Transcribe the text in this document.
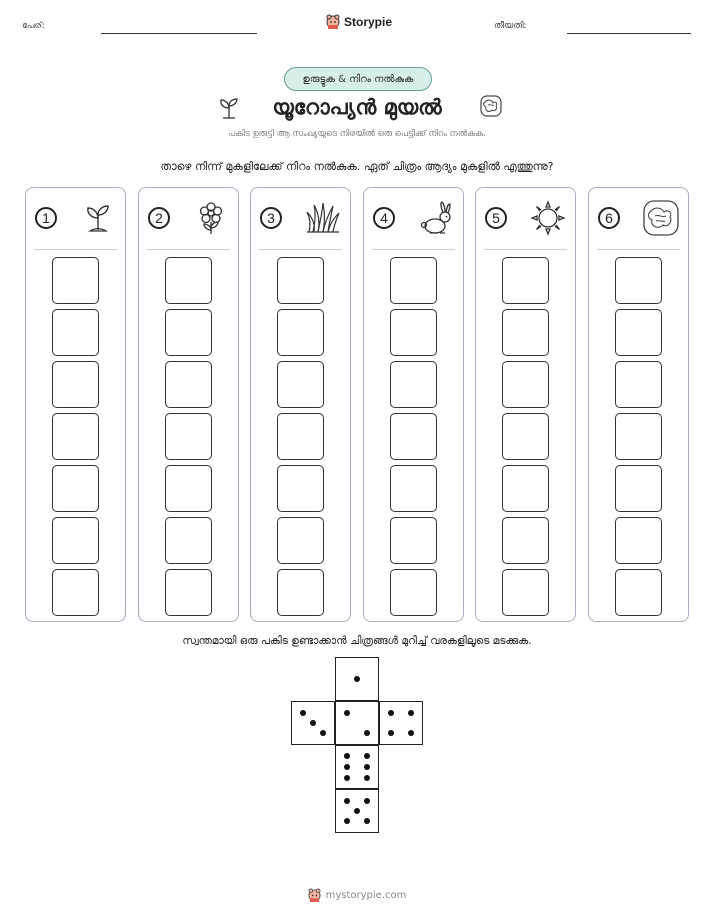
പേര്:	Storypie	തീയതി:
ഉരുട്ടുക & നിറം നൽകുക
യൂറോപ്യൻ മുയൽ
പകിട ഉരുട്ടി ആ സംഖ്യയുടെ നിരയിൽ ഒരു പെട്ടിക്ക് നിറം നൽകുക.
താഴെ നിന്ന് മുകളിലേക്ക് നിറം നൽകുക. ഏത് ചിത്രം ആദ്യം മുകളിൽ എത്തുന്നു?
1	2	3	4	5	6
സ്വന്തമായി ഒരു പകിട ഉണ്ടാക്കാൻ ചിത്രങ്ങൾ മുറിച്ച് വരകളിലൂടെ മടക്കുക.
mystorypie.com
